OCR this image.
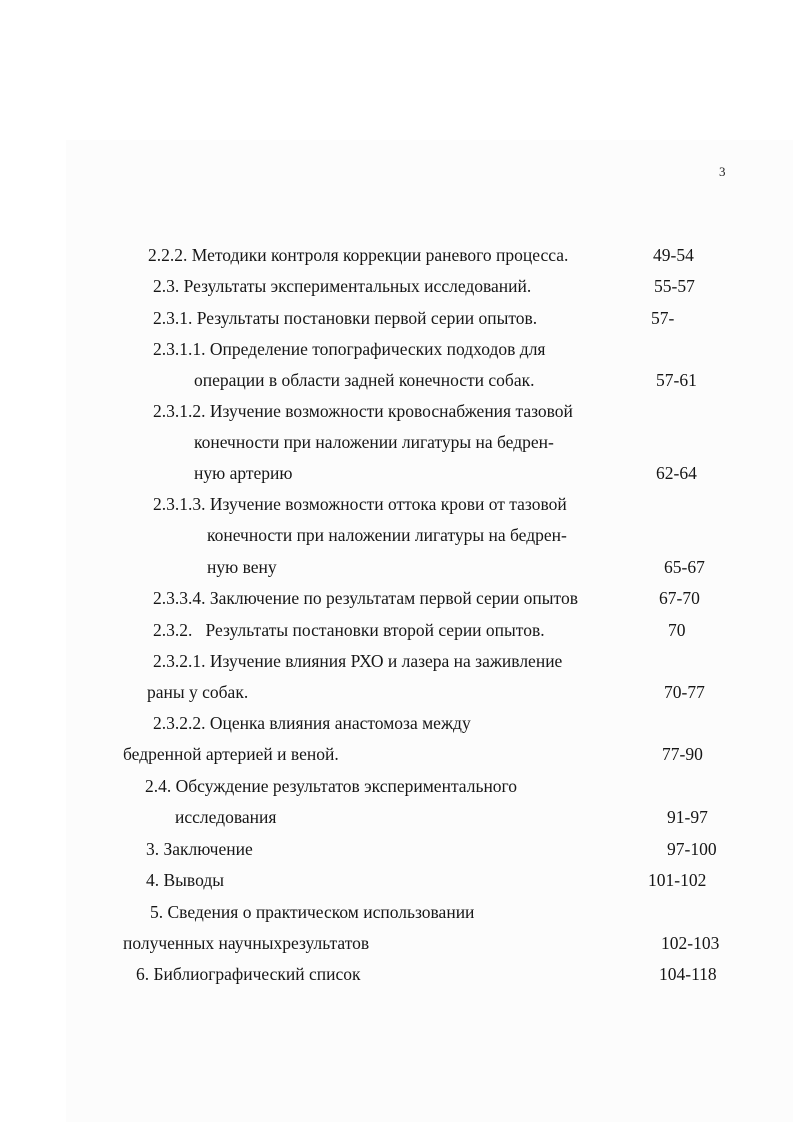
3
2.2.2. Методики контроля коррекции раневого процесса.	49-54
2.3. Результаты экспериментальных исследований.	55-57
2.3.1. Результаты постановки первой серии опытов.	57-
2.3.1.1. Определение топографических подходов для
операции в области задней конечности собак.	57-61
2.3.1.2. Изучение возможности кровоснабжения тазовой
конечности при наложении лигатуры на бедрен-
ную артерию	62-64
2.3.1.3. Изучение возможности оттока крови от тазовой
конечности при наложении лигатуры на бедрен-
ную вену	65-67
2.3.3.4. Заключение по результатам первой серии опытов	67-70
2.3.2.   Результаты постановки второй серии опытов.	70
2.3.2.1. Изучение влияния РХО и лазера на заживление
раны у собак.	70-77
2.3.2.2. Оценка влияния анастомоза между
бедренной артерией и веной.	77-90
2.4. Обсуждение результатов экспериментального
исследования	91-97
3. Заключение	97-100
4. Выводы	101-102
5. Сведения о практическом использовании
полученных научныхрезультатов	102-103
6. Библиографический список	104-118
